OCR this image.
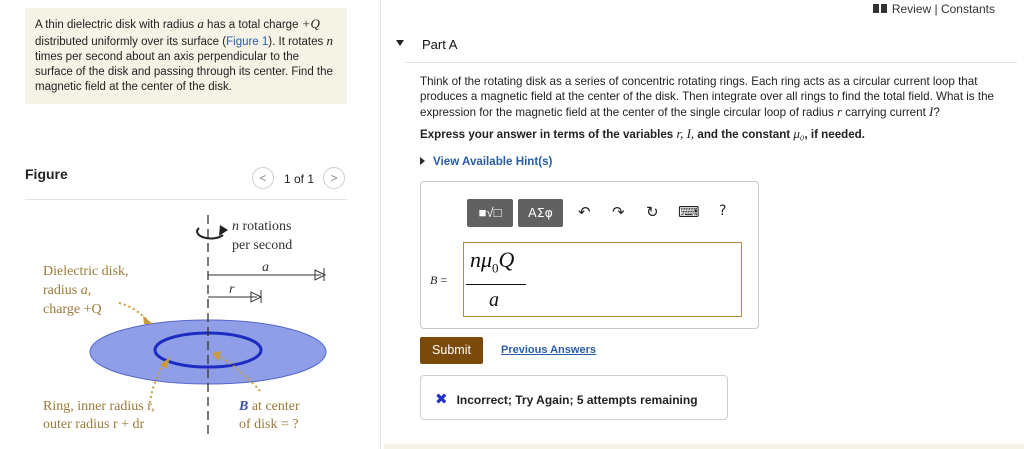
A thin dielectric disk with radius a has a total charge +Q distributed uniformly over its surface (Figure 1). It rotates n times per second about an axis perpendicular to the surface of the disk and passing through its center. Find the magnetic field at the center of the disk.
Figure	<	1 of 1	>
n rotations
per second
a
r
Dielectric disk,
radius a,
charge +Q
Ring, inner radius r,
outer radius r + dr
B at center
of disk = ?
Review | Constants
Part A
Think of the rotating disk as a series of concentric rotating rings. Each ring acts as a circular current loop that produces a magnetic field at the center of the disk. Then integrate over all rings to find the total field. What is the expression for the magnetic field at the center of the single circular loop of radius r carrying current I?
Express your answer in terms of the variables r, I, and the constant μ₀, if needed.
View Available Hint(s)
■√□	ΑΣφ	↶ ↷ ↻ ⌨ ?
B =
$n\mu_0Q$
a
Submit	Previous Answers
✖ Incorrect; Try Again; 5 attempts remaining
